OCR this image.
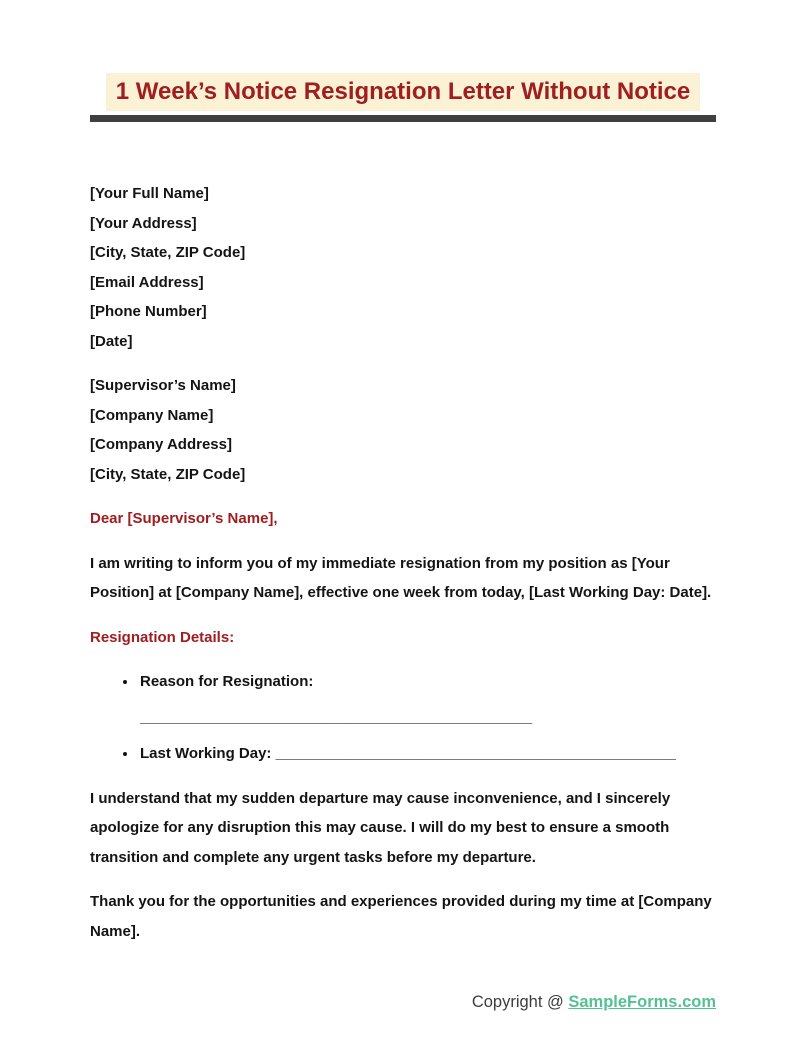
1 Week’s Notice Resignation Letter Without Notice
[Your Full Name]
[Your Address]
[City, State, ZIP Code]
[Email Address]
[Phone Number]
[Date]
[Supervisor’s Name]
[Company Name]
[Company Address]
[City, State, ZIP Code]

Dear [Supervisor’s Name],

I am writing to inform you of my immediate resignation from my position as [Your Position] at [Company Name], effective one week from today, [Last Working Day: Date].

Resignation Details:

• Reason for Resignation:
_______________________________________________
• Last Working Day: ________________________________________________

I understand that my sudden departure may cause inconvenience, and I sincerely apologize for any disruption this may cause. I will do my best to ensure a smooth transition and complete any urgent tasks before my departure.

Thank you for the opportunities and experiences provided during my time at [Company Name].

Copyright @ SampleForms.com
